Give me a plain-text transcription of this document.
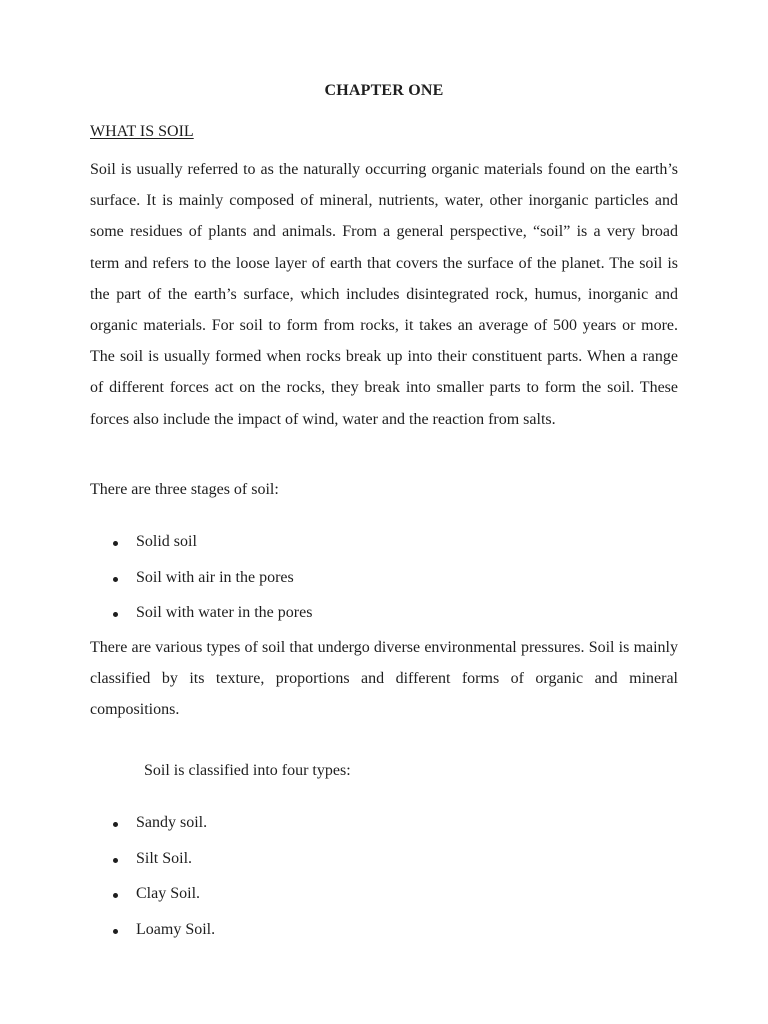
CHAPTER ONE
WHAT IS SOIL

Soil is usually referred to as the naturally occurring organic materials found on the earth’s surface. It is mainly composed of mineral, nutrients, water, other inorganic particles and some residues of plants and animals. From a general perspective, “soil” is a very broad term and refers to the loose layer of earth that covers the surface of the planet. The soil is the part of the earth’s surface, which includes disintegrated rock, humus, inorganic and organic materials. For soil to form from rocks, it takes an average of 500 years or more. The soil is usually formed when rocks break up into their constituent parts. When a range of different forces act on the rocks, they break into smaller parts to form the soil. These forces also include the impact of wind, water and the reaction from salts.

There are three stages of soil:
Solid soil
Soil with air in the pores
Soil with water in the pores

There are various types of soil that undergo diverse environmental pressures. Soil is mainly classified by its texture, proportions and different forms of organic and mineral compositions.

Soil is classified into four types:
Sandy soil.
Silt Soil.
Clay Soil.
Loamy Soil.
